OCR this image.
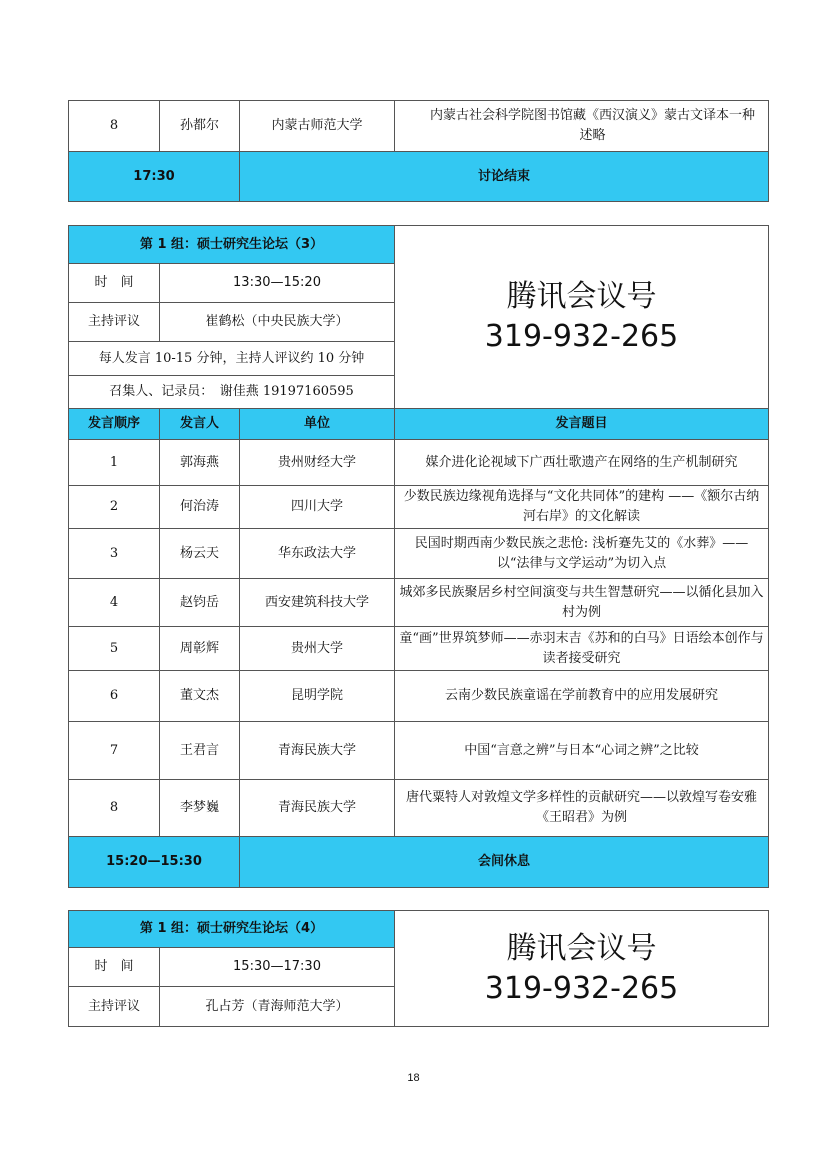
8	孙都尔	内蒙古师范大学	内蒙古社会科学院图书馆藏《西汉演义》蒙古文译本一种述略
17:30		讨论结束	
第 1 组：硕士研究生论坛（3）			腾讯会议号
319-932-265

时　间	13:30—15:20		
主持评议	崔鹤松（中央民族大学）		
每人发言 10-15 分钟，主持人评议约 10 分钟			
召集人、记录员：　谢佳燕 19197160595			
发言顺序	发言人	单位	发言题目
1	郭海燕	贵州财经大学	媒介进化论视域下广西壮歌遗产在网络的生产机制研究
2	何治涛	四川大学	少数民族边缘视角选择与“文化共同体”的建构 ——《额尔古纳河右岸》的文化解读
3	杨云天	华东政法大学	民国时期西南少数民族之悲怆: 浅析蹇先艾的《水葬》——以“法律与文学运动”为切入点
4	赵钧岳	西安建筑科技大学	城郊多民族聚居乡村空间演变与共生智慧研究——以循化县加入村为例
5	周彰辉	贵州大学	童“画”世界筑梦师——赤羽末吉《苏和的白马》日语绘本创作与读者接受研究
6	董文杰	昆明学院	云南少数民族童谣在学前教育中的应用发展研究
7	王君言	青海民族大学	中国“言意之辨”与日本“心词之辨”之比较
8	李梦巍	青海民族大学	唐代粟特人对敦煌文学多样性的贡献研究——以敦煌写卷安雅《王昭君》为例
15:20—15:30		会间休息	
第 1 组：硕士研究生论坛（4）		腾讯会议号
319-932-265

时　间	15:30—17:30	
主持评议	孔占芳（青海师范大学）	
18
